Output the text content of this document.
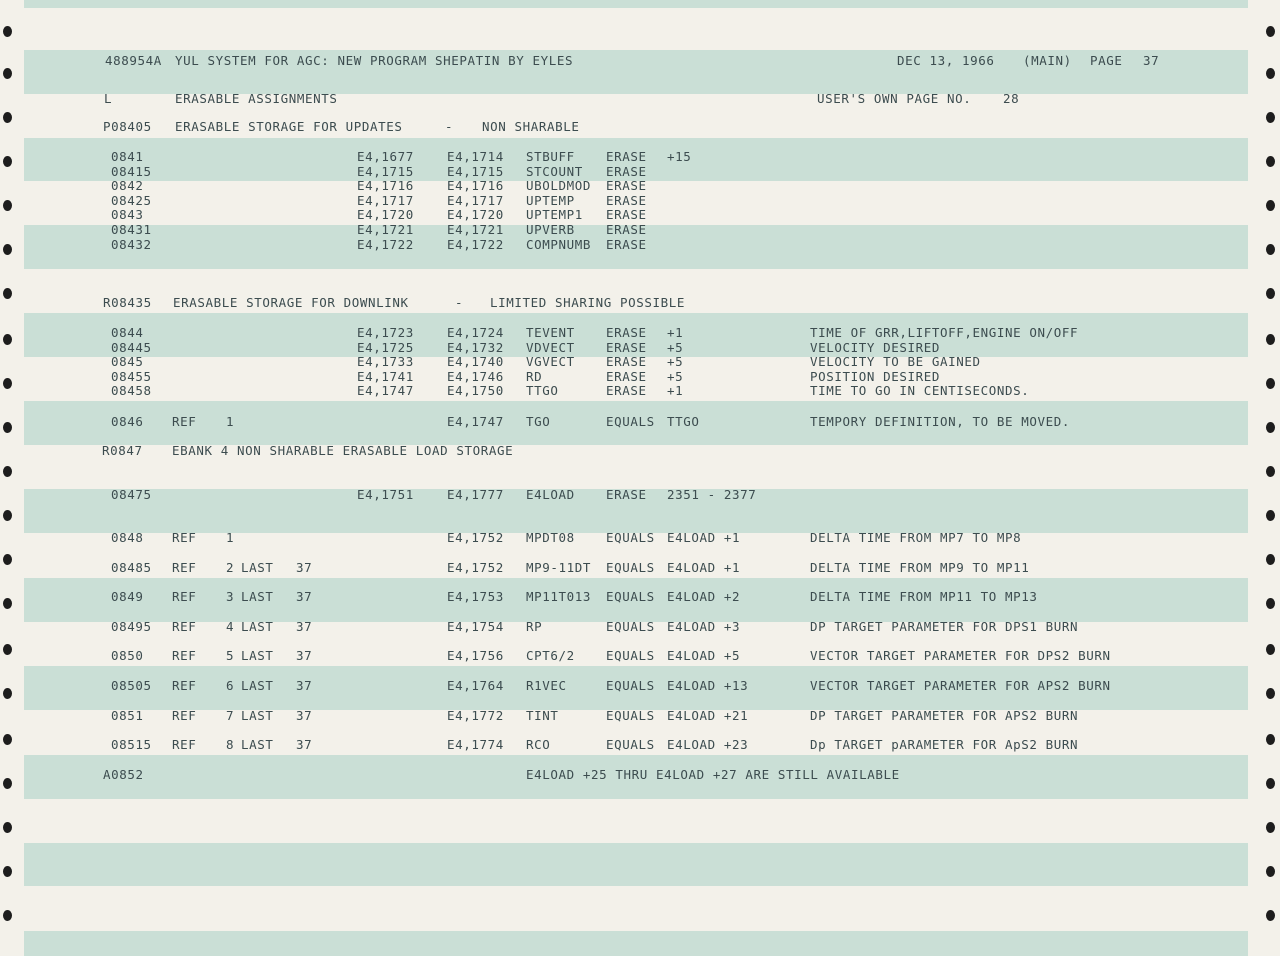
488954A YUL SYSTEM FOR AGC: NEW PROGRAM SHEPATIN BY EYLES	DEC 13, 1966 (MAIN) PAGE 37
L	ERASABLE ASSIGNMENTS	USER'S OWN PAGE NO.	28
P08405 ERASABLE STORAGE FOR UPDATES	- NON SHARABLE
0841	E4,1677	E4,1714 STBUFF ERASE +15
08415	E4,1715	E4,1715 STCOUNT ERASE
0842	E4,1716	E4,1716 UBOLDMOD ERASE
08425	E4,1717	E4,1717 UPTEMP ERASE
0843	E4,1720	E4,1720 UPTEMP1 ERASE
08431	E4,1721	E4,1721 UPVERB ERASE
08432	E4,1722	E4,1722 COMPNUMB ERASE
R08435 ERASABLE STORAGE FOR DOWNLINK	- LIMITED SHARING POSSIBLE
0844	E4,1723	E4,1724 TEVENT ERASE +1	TIME OF GRR,LIFTOFF,ENGINE ON/OFF
08445	E4,1725	E4,1732 VDVECT ERASE +5	VELOCITY DESIRED
0845	E4,1733	E4,1740 VGVECT ERASE +5	VELOCITY TO BE GAINED
08455	E4,1741	E4,1746 RD	ERASE +5	POSITION DESIRED
08458	E4,1747	E4,1750 TTGO	ERASE +1	TIME TO GO IN CENTISECONDS.
0846 REF 1	E4,1747 TGO	EQUALS TTGO	TEMPORY DEFINITION, TO BE MOVED.
R0847 EBANK 4 NON SHARABLE ERASABLE LOAD STORAGE
08475	E4,1751	E4,1777 E4LOAD ERASE 2351 - 2377
0848 REF 1	E4,1752 MPDT08 EQUALS E4LOAD +1	DELTA TIME FROM MP7 TO MP8
08485 REF 2 LAST 37	E4,1752 MP9-11DT EQUALS E4LOAD +1	DELTA TIME FROM MP9 TO MP11
0849 REF 3 LAST 37	E4,1753 MP11T013 EQUALS E4LOAD +2	DELTA TIME FROM MP11 TO MP13
08495 REF 4 LAST 37	E4,1754 RP	EQUALS E4LOAD +3	DP TARGET PARAMETER FOR DPS1 BURN
0850 REF 5 LAST 37	E4,1756 CPT6/2 EQUALS E4LOAD +5	VECTOR TARGET PARAMETER FOR DPS2 BURN
08505 REF 6 LAST 37	E4,1764 R1VEC	EQUALS E4LOAD +13	VECTOR TARGET PARAMETER FOR APS2 BURN
0851 REF 7 LAST 37	E4,1772 TINT	EQUALS E4LOAD +21	DP TARGET PARAMETER FOR APS2 BURN
08515 REF 8 LAST 37	E4,1774 RCO	EQUALS E4LOAD +23	Dp TARGET pARAMETER FOR ApS2 BURN
A0852	E4LOAD +25 THRU E4LOAD +27 ARE STILL AVAILABLE
